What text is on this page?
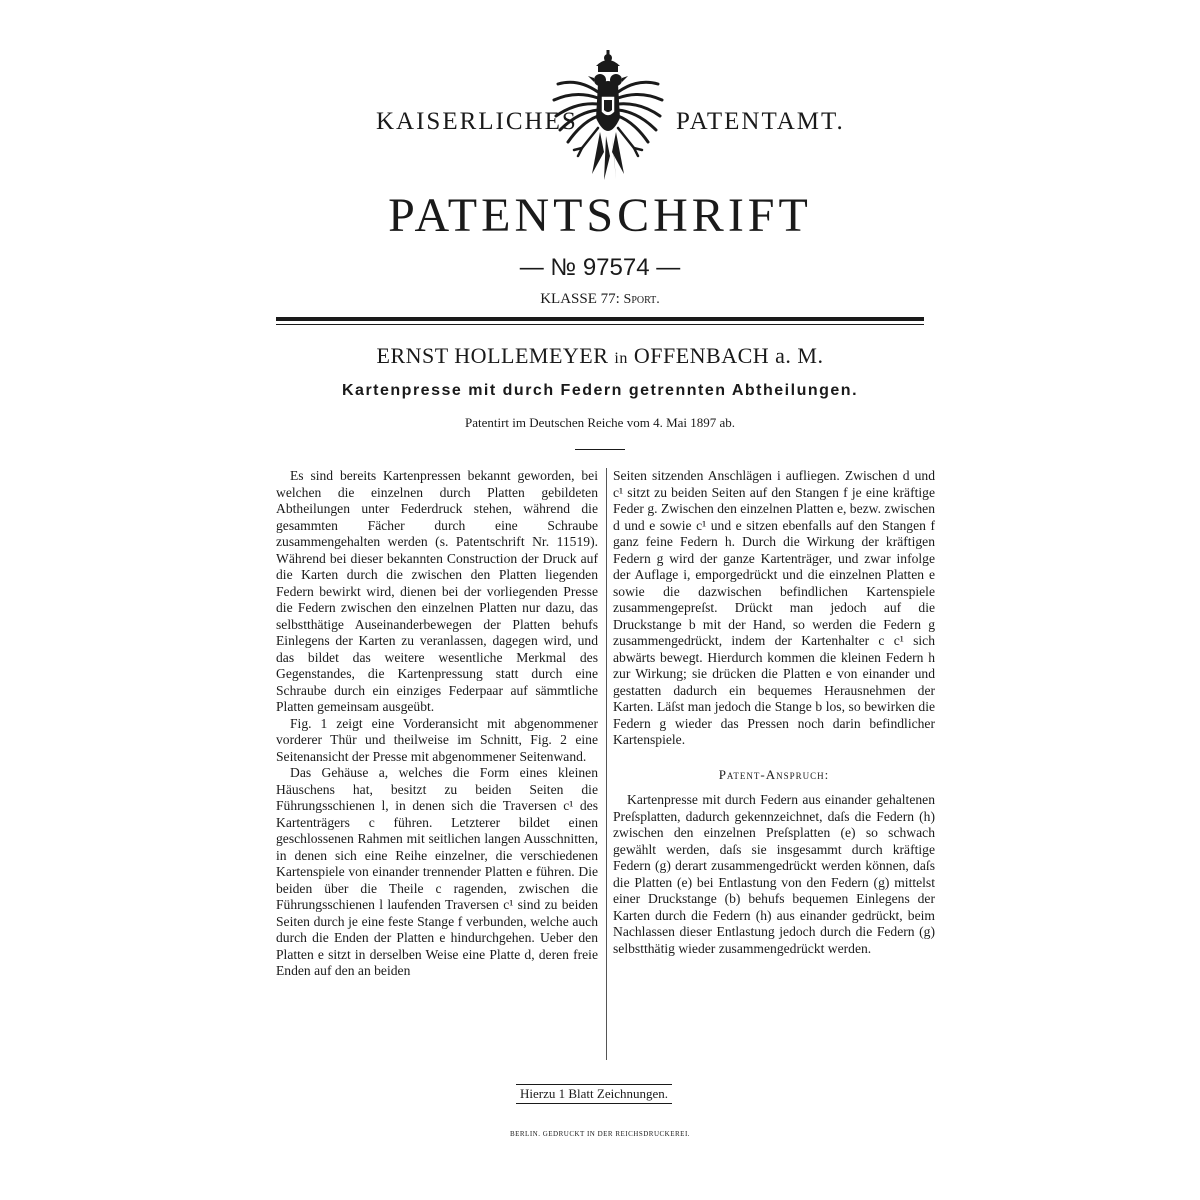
KAISERLICHES	PATENTAMT.
PATENTSCHRIFT
— № 97574 —
KLASSE 77: Sport.
ERNST HOLLEMEYER in OFFENBACH a. M.
Kartenpresse mit durch Federn getrennten Abtheilungen.
Patentirt im Deutschen Reiche vom 4. Mai 1897 ab.

Es sind bereits Kartenpressen bekannt geworden, bei welchen die einzelnen durch Platten gebildeten Abtheilungen unter Federdruck stehen, während die gesammten Fächer durch eine Schraube zusammengehalten werden (s. Patentschrift Nr. 11519). Während bei dieser bekannten Construction der Druck auf die Karten durch die zwischen den Platten liegenden Federn bewirkt wird, dienen bei der vorliegenden Presse die Federn zwischen den einzelnen Platten nur dazu, das selbstthätige Auseinanderbewegen der Platten behufs Einlegens der Karten zu veranlassen, dagegen wird, und das bildet das weitere wesentliche Merkmal des Gegenstandes, die Kartenpressung statt durch eine Schraube durch ein einziges Federpaar auf sämmtliche Platten gemeinsam ausgeübt.

Fig. 1 zeigt eine Vorderansicht mit abgenommener vorderer Thür und theilweise im Schnitt, Fig. 2 eine Seitenansicht der Presse mit abgenommener Seitenwand.

Das Gehäuse a, welches die Form eines kleinen Häuschens hat, besitzt zu beiden Seiten die Führungsschienen l, in denen sich die Traversen c¹ des Kartenträgers c führen. Letzterer bildet einen geschlossenen Rahmen mit seitlichen langen Ausschnitten, in denen sich eine Reihe einzelner, die verschiedenen Kartenspiele von einander trennender Platten e führen. Die beiden über die Theile c ragenden, zwischen die Führungsschienen l laufenden Traversen c¹ sind zu beiden Seiten durch je eine feste Stange f verbunden, welche auch durch die Enden der Platten e hindurchgehen. Ueber den Platten e sitzt in derselben Weise eine Platte d, deren freie Enden auf den an beiden

Seiten sitzenden Anschlägen i aufliegen. Zwischen d und c¹ sitzt zu beiden Seiten auf den Stangen f je eine kräftige Feder g. Zwischen den einzelnen Platten e, bezw. zwischen d und e sowie c¹ und e sitzen ebenfalls auf den Stangen f ganz feine Federn h. Durch die Wirkung der kräftigen Federn g wird der ganze Kartenträger, und zwar infolge der Auflage i, emporgedrückt und die einzelnen Platten e sowie die dazwischen befindlichen Kartenspiele zusammengepreſst. Drückt man jedoch auf die Druckstange b mit der Hand, so werden die Federn g zusammengedrückt, indem der Kartenhalter c c¹ sich abwärts bewegt. Hierdurch kommen die kleinen Federn h zur Wirkung; sie drücken die Platten e von einander und gestatten dadurch ein bequemes Herausnehmen der Karten. Läſst man jedoch die Stange b los, so bewirken die Federn g wieder das Pressen noch darin befindlicher Kartenspiele.

Patent-Anspruch:

Kartenpresse mit durch Federn aus einander gehaltenen Preſsplatten, dadurch gekennzeichnet, daſs die Federn (h) zwischen den einzelnen Preſsplatten (e) so schwach gewählt werden, daſs sie insgesammt durch kräftige Federn (g) derart zusammengedrückt werden können, daſs die Platten (e) bei Entlastung von den Federn (g) mittelst einer Druckstange (b) behufs bequemen Einlegens der Karten durch die Federn (h) aus einander gedrückt, beim Nachlassen dieser Entlastung jedoch durch die Federn (g) selbstthätig wieder zusammengedrückt werden.

Hierzu 1 Blatt Zeichnungen.
BERLIN. GEDRUCKT IN DER REICHSDRUCKEREI.
